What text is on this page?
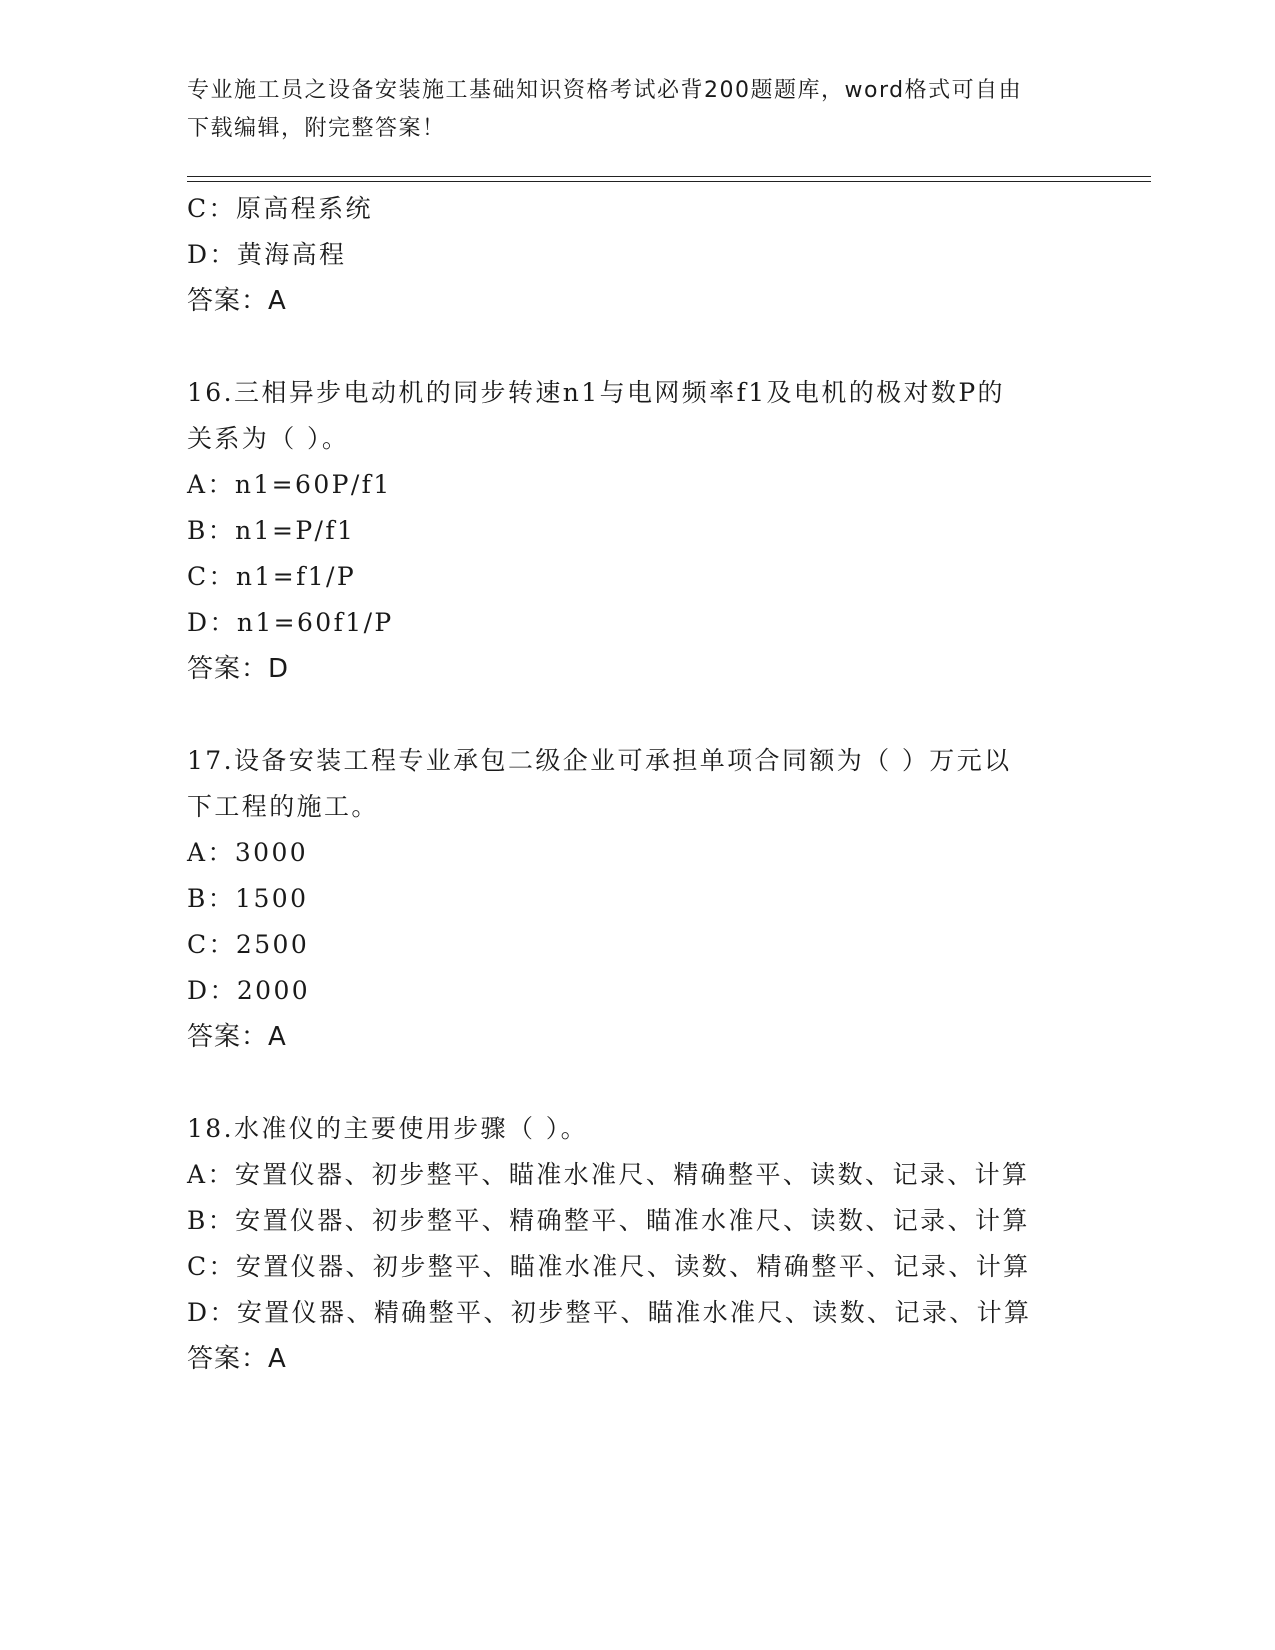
专业施工员之设备安装施工基础知识资格考试必背200题题库，word格式可自由
下载编辑，附完整答案！
C：原高程系统
D：黄海高程
答案：A
16.三相异步电动机的同步转速n1与电网频率f1及电机的极对数P的
关系为（ ）。
A：n1=60P/f1
B：n1=P/f1
C：n1=f1/P
D：n1=60f1/P
答案：D
17.设备安装工程专业承包二级企业可承担单项合同额为（ ）万元以
下工程的施工。
A：3000
B：1500
C：2500
D：2000
答案：A
18.水准仪的主要使用步骤（ ）。
A：安置仪器、初步整平、瞄准水准尺、精确整平、读数、记录、计算
B：安置仪器、初步整平、精确整平、瞄准水准尺、读数、记录、计算
C：安置仪器、初步整平、瞄准水准尺、读数、精确整平、记录、计算
D：安置仪器、精确整平、初步整平、瞄准水准尺、读数、记录、计算
答案：A
